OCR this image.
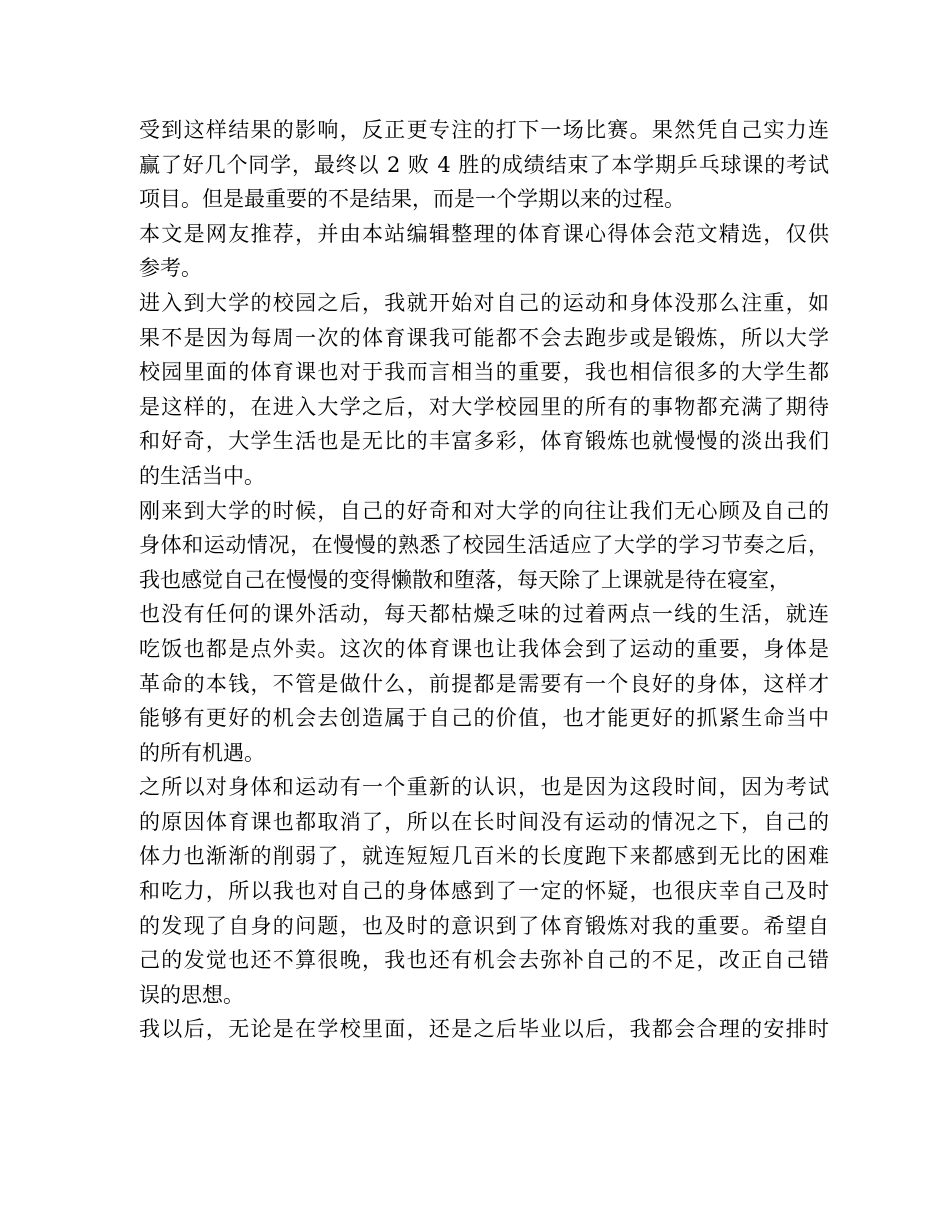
受到这样结果的影响，反正更专注的打下一场比赛。果然凭自己实力连
赢了好几个同学，最终以 2 败 4 胜的成绩结束了本学期乒乓球课的考试
项目。但是最重要的不是结果，而是一个学期以来的过程。
本文是网友推荐，并由本站编辑整理的体育课心得体会范文精选，仅供
参考。
进入到大学的校园之后，我就开始对自己的运动和身体没那么注重，如
果不是因为每周一次的体育课我可能都不会去跑步或是锻炼，所以大学
校园里面的体育课也对于我而言相当的重要，我也相信很多的大学生都
是这样的，在进入大学之后，对大学校园里的所有的事物都充满了期待
和好奇，大学生活也是无比的丰富多彩，体育锻炼也就慢慢的淡出我们
的生活当中。
刚来到大学的时候，自己的好奇和对大学的向往让我们无心顾及自己的
身体和运动情况，在慢慢的熟悉了校园生活适应了大学的学习节奏之后，
我也感觉自己在慢慢的变得懒散和堕落，每天除了上课就是待在寝室，
也没有任何的课外活动，每天都枯燥乏味的过着两点一线的生活，就连
吃饭也都是点外卖。这次的体育课也让我体会到了运动的重要，身体是
革命的本钱，不管是做什么，前提都是需要有一个良好的身体，这样才
能够有更好的机会去创造属于自己的价值，也才能更好的抓紧生命当中
的所有机遇。
之所以对身体和运动有一个重新的认识，也是因为这段时间，因为考试
的原因体育课也都取消了，所以在长时间没有运动的情况之下，自己的
体力也渐渐的削弱了，就连短短几百米的长度跑下来都感到无比的困难
和吃力，所以我也对自己的身体感到了一定的怀疑，也很庆幸自己及时
的发现了自身的问题，也及时的意识到了体育锻炼对我的重要。希望自
己的发觉也还不算很晚，我也还有机会去弥补自己的不足，改正自己错
误的思想。
我以后，无论是在学校里面，还是之后毕业以后，我都会合理的安排时
